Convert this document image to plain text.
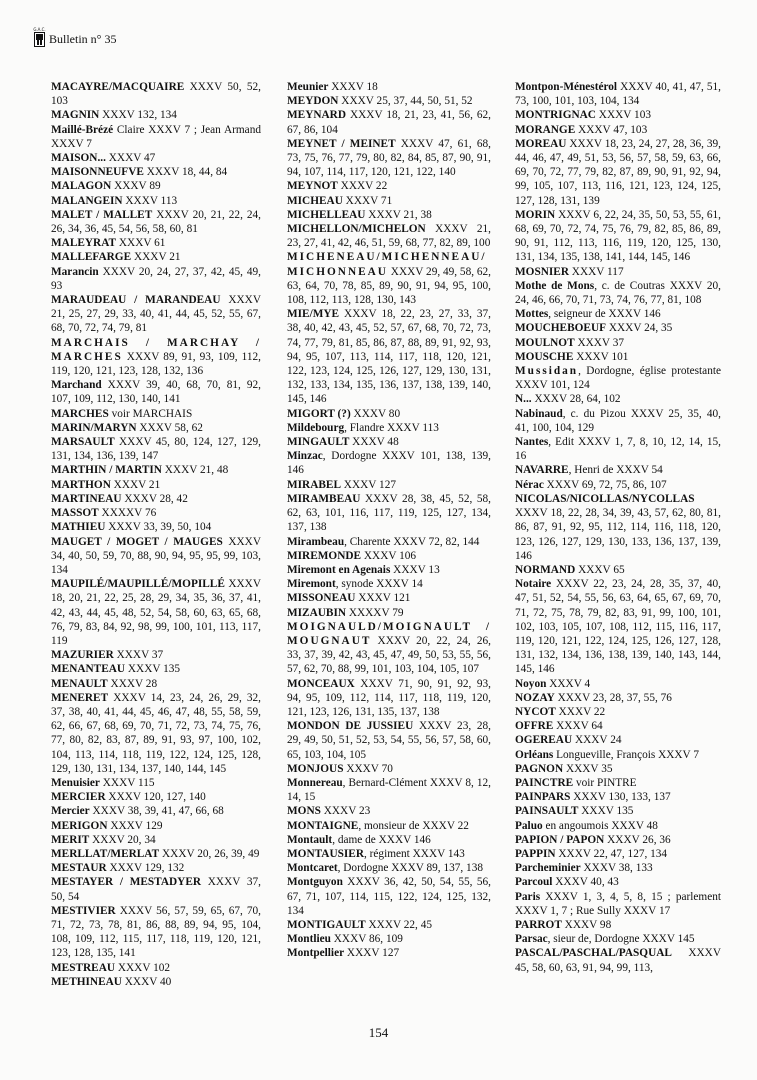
G.A.C.
Bulletin n° 35

MACAYRE/MACQUAIRE XXXV 50, 52, 103

MAGNIN XXXV 132, 134

Maillé-Brézé Claire XXXV 7 ; Jean Armand XXXV 7

MAISON... XXXV 47

MAISONNEUFVE XXXV 18, 44, 84

MALAGON XXXV 89

MALANGEIN XXXV 113

MALET / MALLET XXXV 20, 21, 22, 24, 26, 34, 36, 45, 54, 56, 58, 60, 81

MALEYRAT XXXV 61

MALLEFARGE XXXV 21

Marancin XXXV 20, 24, 27, 37, 42, 45, 49, 93

MARAUDEAU / MARANDEAU XXXV 21, 25, 27, 29, 33, 40, 41, 44, 45, 52, 55, 67, 68, 70, 72, 74, 79, 81

MARCHAIS / MARCHAY / MARCHES XXXV 89, 91, 93, 109, 112, 119, 120, 121, 123, 128, 132, 136

Marchand XXXV 39, 40, 68, 70, 81, 92, 107, 109, 112, 130, 140, 141

MARCHES voir MARCHAIS

MARIN/MARYN XXXV 58, 62

MARSAULT XXXV 45, 80, 124, 127, 129, 131, 134, 136, 139, 147

MARTHIN / MARTIN XXXV 21, 48

MARTHON XXXV 21

MARTINEAU XXXV 28, 42

MASSOT XXXXV 76

MATHIEU XXXV 33, 39, 50, 104

MAUGET / MOGET / MAUGES XXXV 34, 40, 50, 59, 70, 88, 90, 94, 95, 95, 99, 103, 134

MAUPILÉ/MAUPILLÉ/MOPILLÉ XXXV 18, 20, 21, 22, 25, 28, 29, 34, 35, 36, 37, 41, 42, 43, 44, 45, 48, 52, 54, 58, 60, 63, 65, 68, 76, 79, 83, 84, 92, 98, 99, 100, 101, 113, 117, 119

MAZURIER XXXV 37

MENANTEAU XXXV 135

MENAULT XXXV 28

MENERET XXXV 14, 23, 24, 26, 29, 32, 37, 38, 40, 41, 44, 45, 46, 47, 48, 55, 58, 59, 62, 66, 67, 68, 69, 70, 71, 72, 73, 74, 75, 76, 77, 80, 82, 83, 87, 89, 91, 93, 97, 100, 102, 104, 113, 114, 118, 119, 122, 124, 125, 128, 129, 130, 131, 134, 137, 140, 144, 145

Menuisier XXXV 115

MERCIER XXXV 120, 127, 140

Mercier XXXV 38, 39, 41, 47, 66, 68

MERIGON XXXV 129

MERIT XXXV 20, 34

MERLLAT/MERLAT XXXV 20, 26, 39, 49

MESTAUR XXXV 129, 132

MESTAYER / MESTADYER XXXV 37, 50, 54

MESTIVIER XXXV 56, 57, 59, 65, 67, 70, 71, 72, 73, 78, 81, 86, 88, 89, 94, 95, 104, 108, 109, 112, 115, 117, 118, 119, 120, 121, 123, 128, 135, 141

MESTREAU XXXV 102

METHINEAU XXXV 40

Meunier XXXV 18

MEYDON XXXV 25, 37, 44, 50, 51, 52

MEYNARD XXXV 18, 21, 23, 41, 56, 62, 67, 86, 104

MEYNET / MEINET XXXV 47, 61, 68, 73, 75, 76, 77, 79, 80, 82, 84, 85, 87, 90, 91, 94, 107, 114, 117, 120, 121, 122, 140

MEYNOT XXXV 22

MICHEAU XXXV 71

MICHELLEAU XXXV 21, 38

MICHELLON/MICHELON XXXV 21, 23, 27, 41, 42, 46, 51, 59, 68, 77, 82, 89, 100

MICHENEAU/MICHENNEAU/ MICHONNEAU XXXV 29, 49, 58, 62, 63, 64, 70, 78, 85, 89, 90, 91, 94, 95, 100, 108, 112, 113, 128, 130, 143

MIE/MYE XXXV 18, 22, 23, 27, 33, 37, 38, 40, 42, 43, 45, 52, 57, 67, 68, 70, 72, 73, 74, 77, 79, 81, 85, 86, 87, 88, 89, 91, 92, 93, 94, 95, 107, 113, 114, 117, 118, 120, 121, 122, 123, 124, 125, 126, 127, 129, 130, 131, 132, 133, 134, 135, 136, 137, 138, 139, 140, 145, 146

MIGORT (?) XXXV 80

Mildebourg, Flandre XXXV 113

MINGAULT XXXV 48

Minzac, Dordogne XXXV 101, 138, 139, 146

MIRABEL XXXV 127

MIRAMBEAU XXXV 28, 38, 45, 52, 58, 62, 63, 101, 116, 117, 119, 125, 127, 134, 137, 138

Mirambeau, Charente XXXV 72, 82, 144

MIREMONDE XXXV 106

Miremont en Agenais XXXV 13

Miremont, synode XXXV 14

MISSONEAU XXXV 121

MIZAUBIN XXXXV 79

MOIGNAULD/MOIGNAULT / MOUGNAUT XXXV 20, 22, 24, 26, 33, 37, 39, 42, 43, 45, 47, 49, 50, 53, 55, 56, 57, 62, 70, 88, 99, 101, 103, 104, 105, 107

MONCEAUX XXXV 71, 90, 91, 92, 93, 94, 95, 109, 112, 114, 117, 118, 119, 120, 121, 123, 126, 131, 135, 137, 138

MONDON DE JUSSIEU XXXV 23, 28, 29, 49, 50, 51, 52, 53, 54, 55, 56, 57, 58, 60, 65, 103, 104, 105

MONJOUS XXXV 70

Monnereau, Bernard-Clément XXXV 8, 12, 14, 15

MONS XXXV 23

MONTAIGNE, monsieur de XXXV 22

Montault, dame de XXXV 146

MONTAUSIER, régiment XXXV 143

Montcaret, Dordogne XXXV 89, 137, 138

Montguyon XXXV 36, 42, 50, 54, 55, 56, 67, 71, 107, 114, 115, 122, 124, 125, 132, 134

MONTIGAULT XXXV 22, 45

Montlieu XXXV 86, 109

Montpellier XXXV 127

Montpon-Ménestérol XXXV 40, 41, 47, 51, 73, 100, 101, 103, 104, 134

MONTRIGNAC XXXV 103

MORANGE XXXV 47, 103

MOREAU XXXV 18, 23, 24, 27, 28, 36, 39, 44, 46, 47, 49, 51, 53, 56, 57, 58, 59, 63, 66, 69, 70, 72, 77, 79, 82, 87, 89, 90, 91, 92, 94, 99, 105, 107, 113, 116, 121, 123, 124, 125, 127, 128, 131, 139

MORIN XXXV 6, 22, 24, 35, 50, 53, 55, 61, 68, 69, 70, 72, 74, 75, 76, 79, 82, 85, 86, 89, 90, 91, 112, 113, 116, 119, 120, 125, 130, 131, 134, 135, 138, 141, 144, 145, 146

MOSNIER XXXV 117

Mothe de Mons, c. de Coutras XXXV 20, 24, 46, 66, 70, 71, 73, 74, 76, 77, 81, 108

Mottes, seigneur de XXXV 146

MOUCHEBOEUF XXXV 24, 35

MOULNOT XXXV 37

MOUSCHE XXXV 101

Mussidan, Dordogne, église protestante XXXV 101, 124

N... XXXV 28, 64, 102

Nabinaud, c. du Pizou XXXV 25, 35, 40, 41, 100, 104, 129

Nantes, Edit XXXV 1, 7, 8, 10, 12, 14, 15, 16

NAVARRE, Henri de XXXV 54

Nérac XXXV 69, 72, 75, 86, 107

NICOLAS/NICOLLAS/NYCOLLAS XXXV 18, 22, 28, 34, 39, 43, 57, 62, 80, 81, 86, 87, 91, 92, 95, 112, 114, 116, 118, 120, 123, 126, 127, 129, 130, 133, 136, 137, 139, 146

NORMAND XXXV 65

Notaire XXXV 22, 23, 24, 28, 35, 37, 40, 47, 51, 52, 54, 55, 56, 63, 64, 65, 67, 69, 70, 71, 72, 75, 78, 79, 82, 83, 91, 99, 100, 101, 102, 103, 105, 107, 108, 112, 115, 116, 117, 119, 120, 121, 122, 124, 125, 126, 127, 128, 131, 132, 134, 136, 138, 139, 140, 143, 144, 145, 146

Noyon XXXV 4

NOZAY XXXV 23, 28, 37, 55, 76

NYCOT XXXV 22

OFFRE XXXV 64

OGEREAU XXXV 24

Orléans Longueville, François XXXV 7

PAGNON XXXV 35

PAINCTRE voir PINTRE

PAINPARS XXXV 130, 133, 137

PAINSAULT XXXV 135

Paluo en angoumois XXXV 48

PAPION / PAPON XXXV 26, 36

PAPPIN XXXV 22, 47, 127, 134

Parcheminier XXXV 38, 133

Parcoul XXXV 40, 43

Paris XXXV 1, 3, 4, 5, 8, 15 ; parlement XXXV 1, 7 ; Rue Sully XXXV 17

PARROT XXXV 98

Parsac, sieur de, Dordogne XXXV 145

PASCAL/PASCHAL/PASQUAL XXXV 45, 58, 60, 63, 91, 94, 99, 113,

154
